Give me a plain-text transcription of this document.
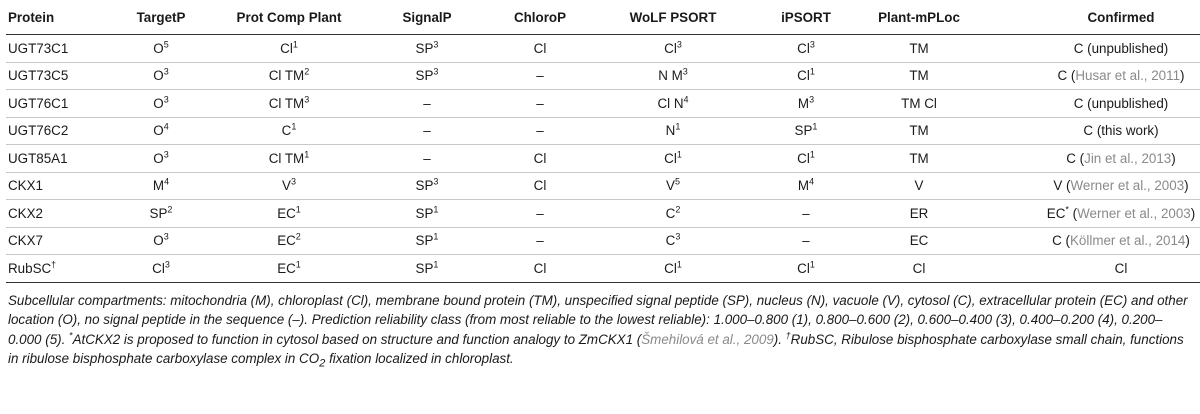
Protein	TargetP	Prot Comp Plant	SignalP	ChloroP	WoLF PSORT	iPSORT	Plant-mPLoc	Confirmed
UGT73C1	$O^5$	Cl$^1$	$SP^3$	Cl	Cl$^3$	Cl$^3$	TM	C (unpublished)
UGT73C5	$O^3$	Cl $TM^2$	$SP^3$	–	N $M^3$	Cl$^1$	TM	C (Husar et al., 2011)
UGT76C1	$O^3$	Cl $TM^3$	–	–	Cl $N^4$	$M^3$	TM Cl	C (unpublished)
UGT76C2	$O^4$	$C^1$	–	–	$N^1$	$SP^1$	TM	C (this work)
UGT85A1	$O^3$	Cl $TM^1$	–	Cl	Cl$^1$	Cl$^1$	TM	C (Jin et al., 2013)
CKX1	$M^4$	$V^3$	$SP^3$	Cl	$V^5$	$M^4$	V	V (Werner et al., 2003)
CKX2	$SP^2$	$EC^1$	$SP^1$	–	$C^2$	–	ER	EC* (Werner et al., 2003)
CKX7	$O^3$	$EC^2$	$SP^1$	–	$C^3$	–	EC	C (Köllmer et al., 2014)
RubSC†	Cl$^3$	$EC^1$	$SP^1$	Cl	Cl$^1$	Cl$^1$	Cl	Cl

Subcellular compartments: mitochondria (M), chloroplast (Cl), membrane bound protein (TM), unspecified signal peptide (SP), nucleus (N), vacuole (V), cytosol (C), extracellular protein (EC) and other location (O), no signal peptide in the sequence (–). Prediction reliability class (from most reliable to the lowest reliable): 1.000–0.800 (1), 0.800–0.600 (2), 0.600–0.400 (3), 0.400–0.200 (4), 0.200–0.000 (5). *AtCKX2 is proposed to function in cytosol based on structure and function analogy to ZmCKX1 (Šmehilová et al., 2009). †RubSC, Ribulose bisphosphate carboxylase small chain, functions in ribulose bisphosphate carboxylase complex in $CO_2$ fixation localized in chloroplast.
